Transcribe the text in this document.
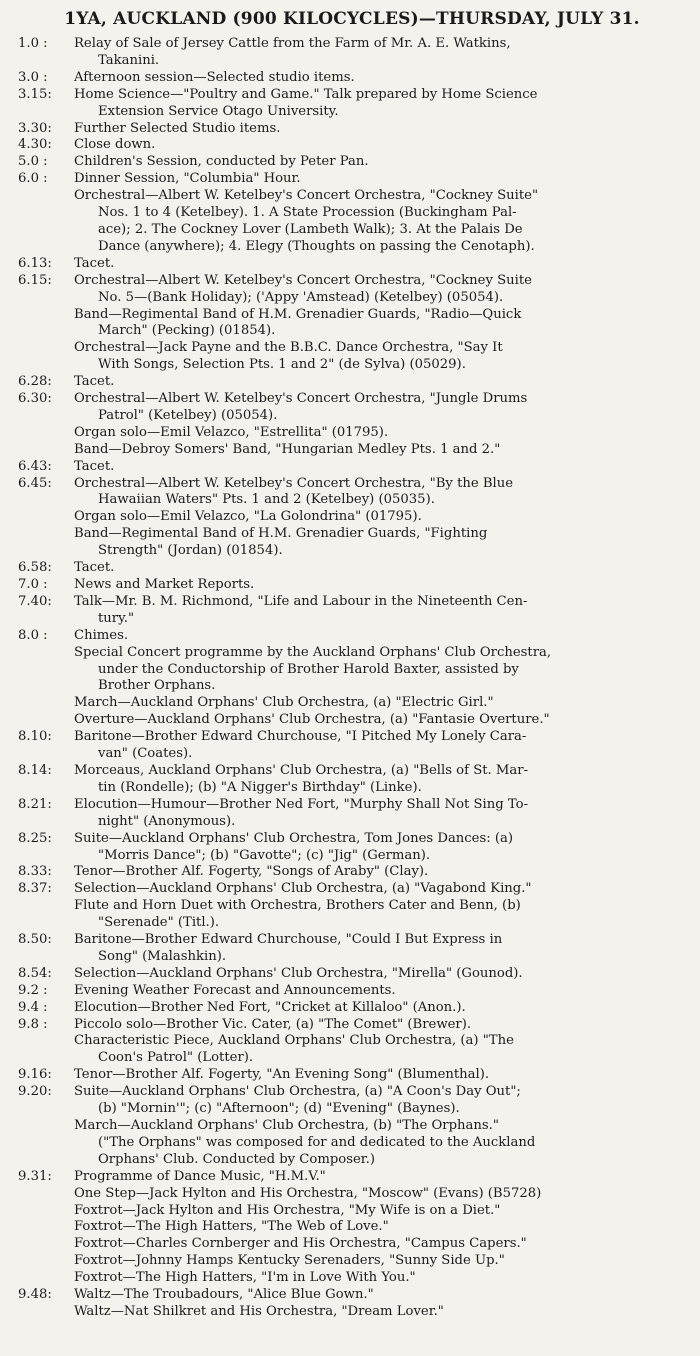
1YA, AUCKLAND (900 KILOCYCLES)—THURSDAY, JULY 31.
1.0 :	Relay of Sale of Jersey Cattle from the Farm of Mr. A. E. Watkins,
Takanini.
3.0 :	Afternoon session—Selected studio items.
3.15:	Home Science—"Poultry and Game." Talk prepared by Home Science
Extension Service Otago University.
3.30:	Further Selected Studio items.
4.30:	Close down.
5.0 :	Children's Session, conducted by Peter Pan.
6.0 :	Dinner Session, "Columbia" Hour.
Orchestral—Albert W. Ketelbey's Concert Orchestra, "Cockney Suite"
Nos. 1 to 4 (Ketelbey). 1. A State Procession (Buckingham Pal-
ace); 2. The Cockney Lover (Lambeth Walk); 3. At the Palais De
Dance (anywhere); 4. Elegy (Thoughts on passing the Cenotaph).
6.13:	Tacet.
6.15:	Orchestral—Albert W. Ketelbey's Concert Orchestra, "Cockney Suite
No. 5—(Bank Holiday); ('Appy 'Amstead) (Ketelbey) (05054).
Band—Regimental Band of H.M. Grenadier Guards, "Radio—Quick
March" (Pecking) (01854).
Orchestral—Jack Payne and the B.B.C. Dance Orchestra, "Say It
With Songs, Selection Pts. 1 and 2" (de Sylva) (05029).
6.28:	Tacet.
6.30:	Orchestral—Albert W. Ketelbey's Concert Orchestra, "Jungle Drums
Patrol" (Ketelbey) (05054).
Organ solo—Emil Velazco, "Estrellita" (01795).
Band—Debroy Somers' Band, "Hungarian Medley Pts. 1 and 2."
6.43:	Tacet.
6.45:	Orchestral—Albert W. Ketelbey's Concert Orchestra, "By the Blue
Hawaiian Waters" Pts. 1 and 2 (Ketelbey) (05035).
Organ solo—Emil Velazco, "La Golondrina" (01795).
Band—Regimental Band of H.M. Grenadier Guards, "Fighting
Strength" (Jordan) (01854).
6.58:	Tacet.
7.0 :	News and Market Reports.
7.40:	Talk—Mr. B. M. Richmond, "Life and Labour in the Nineteenth Cen-
tury."
8.0 :	Chimes.
Special Concert programme by the Auckland Orphans' Club Orchestra,
under the Conductorship of Brother Harold Baxter, assisted by
Brother Orphans.
March—Auckland Orphans' Club Orchestra, (a) "Electric Girl."
Overture—Auckland Orphans' Club Orchestra, (a) "Fantasie Overture."
8.10:	Baritone—Brother Edward Churchouse, "I Pitched My Lonely Cara-
van" (Coates).
8.14:	Morceaus, Auckland Orphans' Club Orchestra, (a) "Bells of St. Mar-
tin (Rondelle); (b) "A Nigger's Birthday" (Linke).
8.21:	Elocution—Humour—Brother Ned Fort, "Murphy Shall Not Sing To-
night" (Anonymous).
8.25:	Suite—Auckland Orphans' Club Orchestra, Tom Jones Dances: (a)
"Morris Dance"; (b) "Gavotte"; (c) "Jig" (German).
8.33:	Tenor—Brother Alf. Fogerty, "Songs of Araby" (Clay).
8.37:	Selection—Auckland Orphans' Club Orchestra, (a) "Vagabond King."
Flute and Horn Duet with Orchestra, Brothers Cater and Benn, (b)
"Serenade" (Titl.).
8.50:	Baritone—Brother Edward Churchouse, "Could I But Express in
Song" (Malashkin).
8.54:	Selection—Auckland Orphans' Club Orchestra, "Mirella" (Gounod).
9.2 :	Evening Weather Forecast and Announcements.
9.4 :	Elocution—Brother Ned Fort, "Cricket at Killaloo" (Anon.).
9.8 :	Piccolo solo—Brother Vic. Cater, (a) "The Comet" (Brewer).
Characteristic Piece, Auckland Orphans' Club Orchestra, (a) "The
Coon's Patrol" (Lotter).
9.16:	Tenor—Brother Alf. Fogerty, "An Evening Song" (Blumenthal).
9.20:	Suite—Auckland Orphans' Club Orchestra, (a) "A Coon's Day Out";
(b) "Mornin'"; (c) "Afternoon"; (d) "Evening" (Baynes).
March—Auckland Orphans' Club Orchestra, (b) "The Orphans."
("The Orphans" was composed for and dedicated to the Auckland
Orphans' Club. Conducted by Composer.)
9.31:	Programme of Dance Music, "H.M.V."
One Step—Jack Hylton and His Orchestra, "Moscow" (Evans) (B5728)
Foxtrot—Jack Hylton and His Orchestra, "My Wife is on a Diet."
Foxtrot—The High Hatters, "The Web of Love."
Foxtrot—Charles Cornberger and His Orchestra, "Campus Capers."
Foxtrot—Johnny Hamps Kentucky Serenaders, "Sunny Side Up."
Foxtrot—The High Hatters, "I'm in Love With You."
9.48:	Waltz—The Troubadours, "Alice Blue Gown."
Waltz—Nat Shilkret and His Orchestra, "Dream Lover."
